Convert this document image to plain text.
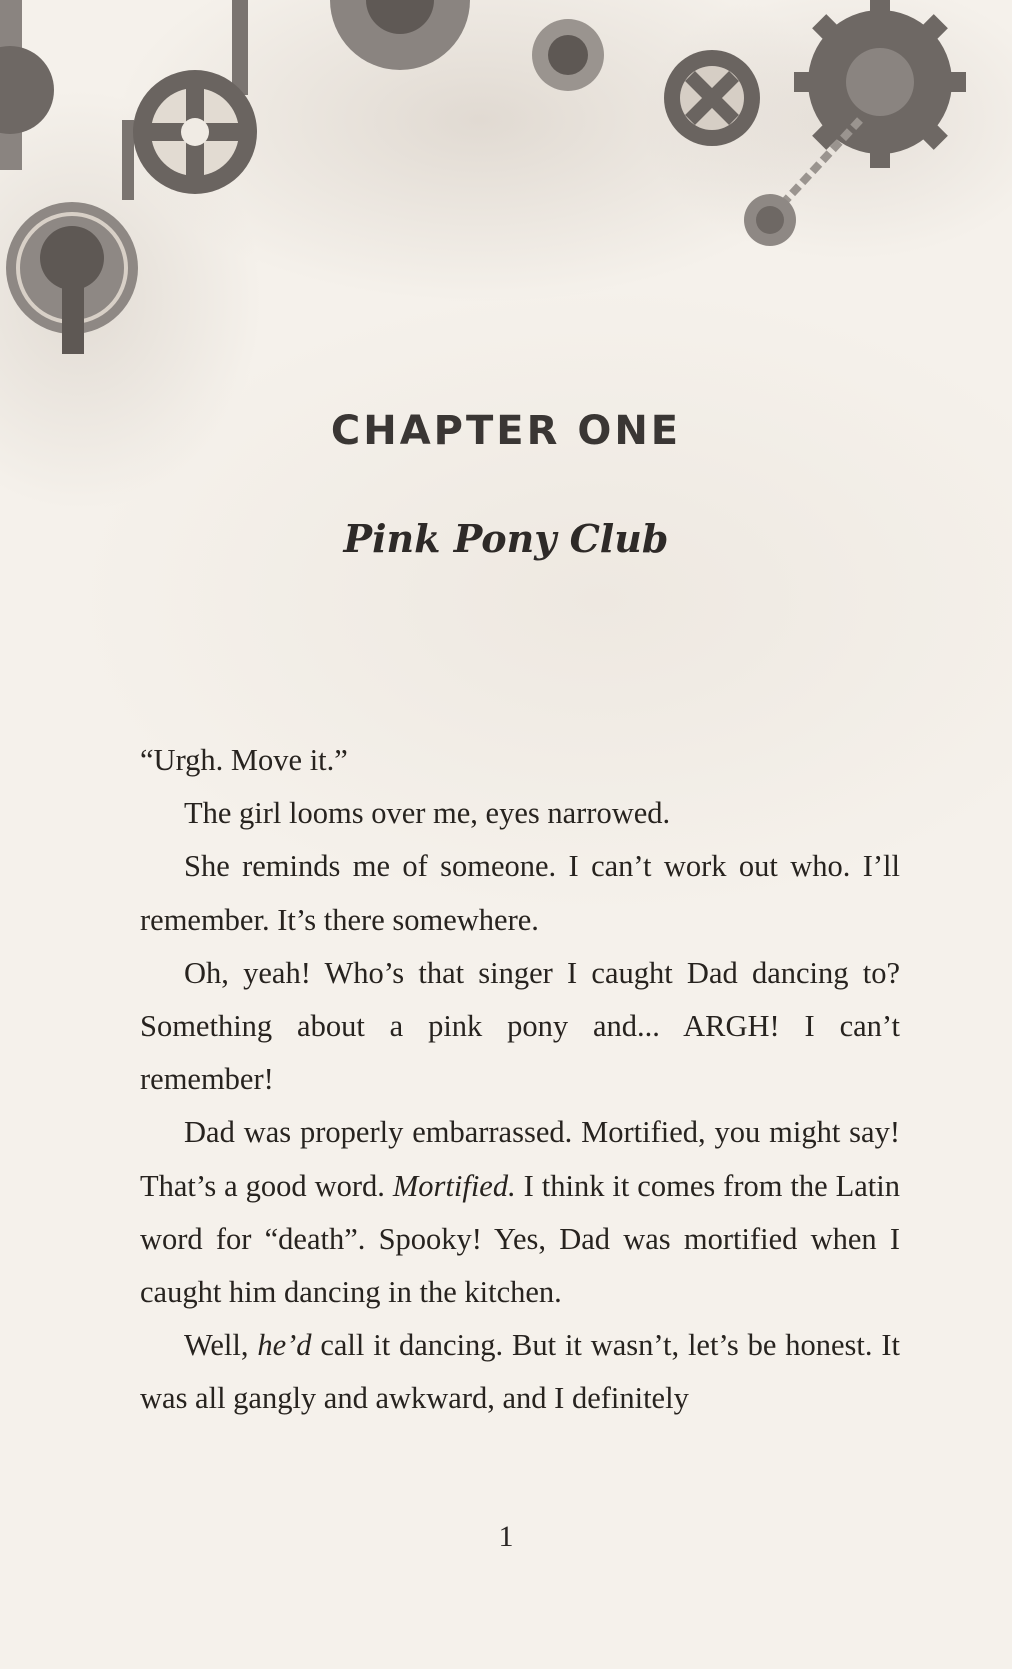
CHAPTER ONE
Pink Pony Club

“Urgh. Move it.”

The girl looms over me, eyes narrowed.

She reminds me of someone. I can’t work out who. I’ll remember. It’s there somewhere.

Oh, yeah! Who’s that singer I caught Dad dancing to? Something about a pink pony and... ARGH! I can’t remember!

Dad was properly embarrassed. Mortified, you might say! That’s a good word. Mortified. I think it comes from the Latin word for “death”. Spooky! Yes, Dad was mortified when I caught him dancing in the kitchen.

Well, he’d call it dancing. But it wasn’t, let’s be honest. It was all gangly and awkward, and I definitely

1
